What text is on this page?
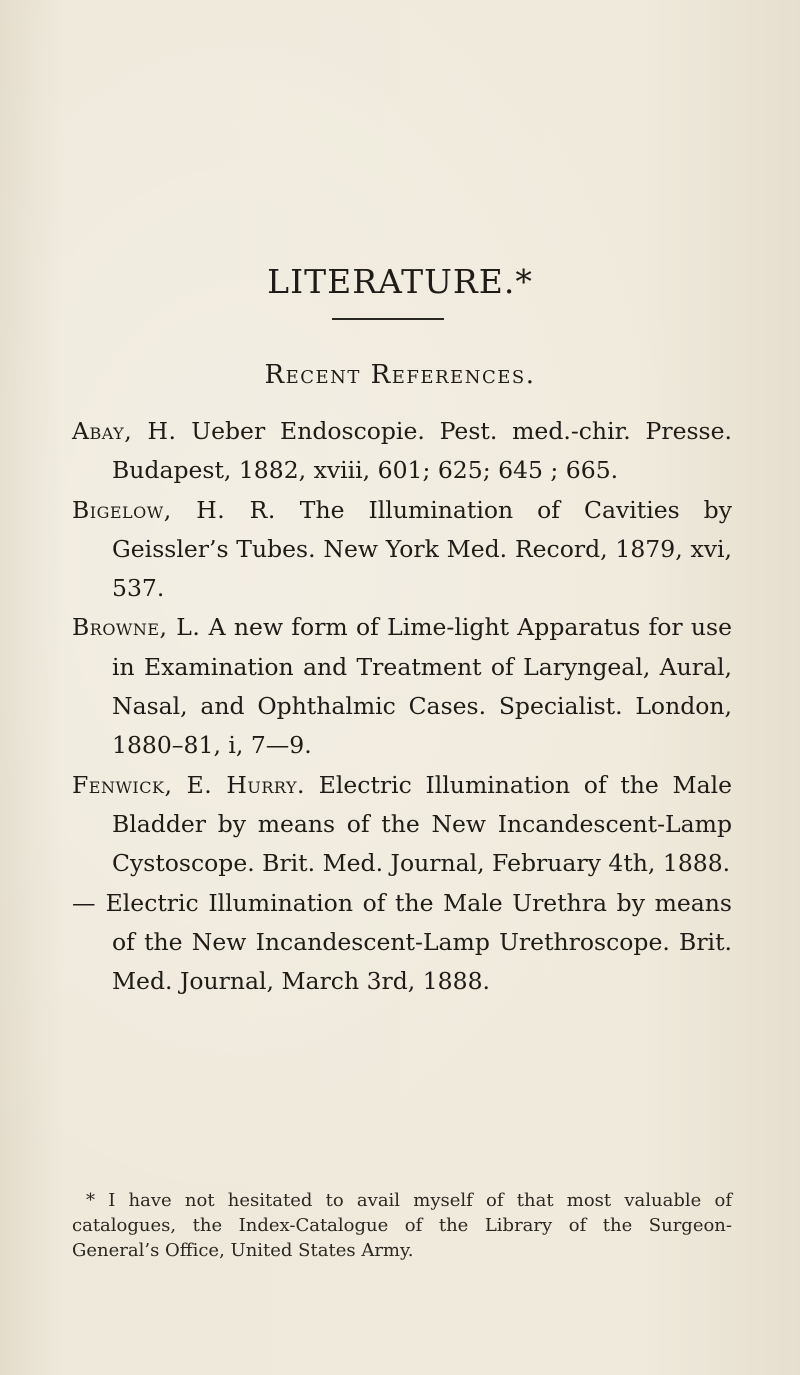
LITERATURE.*
Recent References.

Abay, H. Ueber Endoscopie. Pest. med.-chir. Presse. Budapest, 1882, xviii, 601; 625; 645 ; 665.

Bigelow, H. R. The Illumination of Cavities by Geissler’s Tubes. New York Med. Record, 1879, xvi, 537.

Browne, L. A new form of Lime-light Apparatus for use in Examination and Treatment of Laryngeal, Aural, Nasal, and Ophthalmic Cases. Specialist. London, 1880–81, i, 7—9.

Fenwick, E. Hurry. Electric Illumination of the Male Bladder by means of the New Incandescent-Lamp Cystoscope. Brit. Med. Journal, February 4th, 1888.

— Electric Illumination of the Male Urethra by means of the New Incandescent-Lamp Urethroscope. Brit. Med. Journal, March 3rd, 1888.

* I have not hesitated to avail myself of that most valuable of catalogues, the Index-Catalogue of the Library of the Surgeon-General’s Office, United States Army.
